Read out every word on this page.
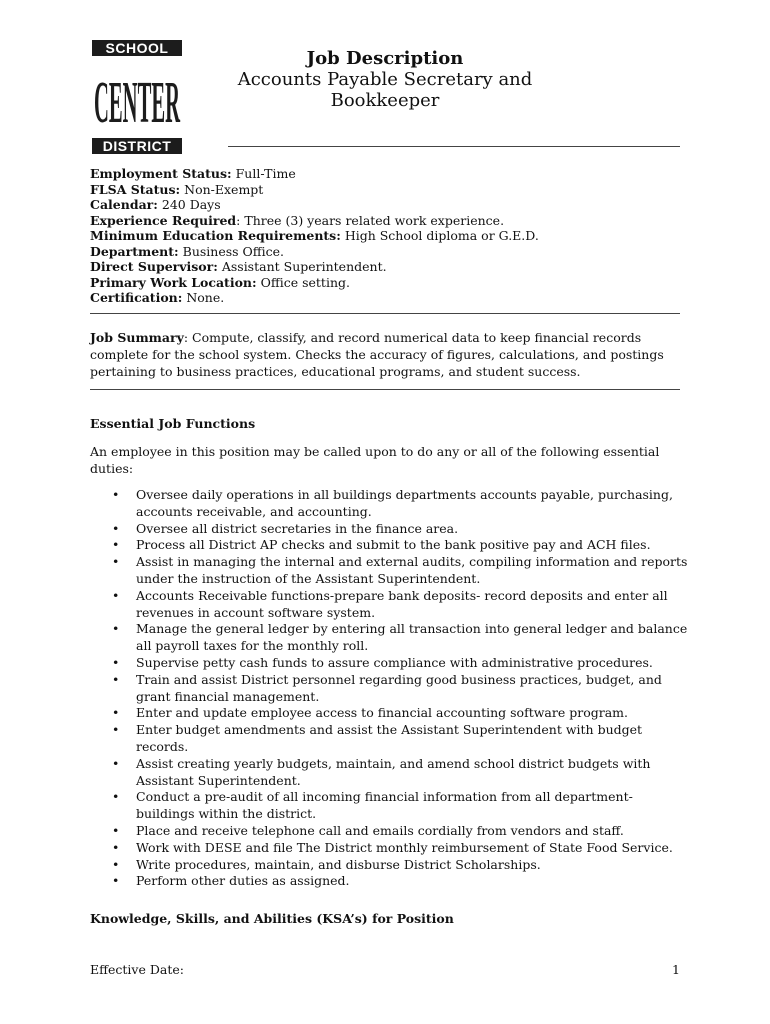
SCHOOL
CENTER
DISTRICT
Job Description
Accounts Payable Secretary and
Bookkeeper
Employment Status: Full-Time
FLSA Status: Non-Exempt
Calendar: 240 Days
Experience Required: Three (3) years related work experience.
Minimum Education Requirements: High School diploma or G.E.D.
Department: Business Office.
Direct Supervisor: Assistant Superintendent.
Primary Work Location: Office setting.
Certification: None.
Job Summary: Compute, classify, and record numerical data to keep financial records complete for the school system. Checks the accuracy of figures, calculations, and postings pertaining to business practices, educational programs, and student success.
Essential Job Functions
An employee in this position may be called upon to do any or all of the following essential duties:
• Oversee daily operations in all buildings departments accounts payable, purchasing, accounts receivable, and accounting.
• Oversee all district secretaries in the finance area.
• Process all District AP checks and submit to the bank positive pay and ACH files.
• Assist in managing the internal and external audits, compiling information and reports under the instruction of the Assistant Superintendent.
• Accounts Receivable functions-prepare bank deposits- record deposits and enter all revenues in account software system.
• Manage the general ledger by entering all transaction into general ledger and balance all payroll taxes for the monthly roll.
• Supervise petty cash funds to assure compliance with administrative procedures.
• Train and assist District personnel regarding good business practices, budget, and grant financial management.
• Enter and update employee access to financial accounting software program.
• Enter budget amendments and assist the Assistant Superintendent with budget records.
• Assist creating yearly budgets, maintain, and amend school district budgets with Assistant Superintendent.
• Conduct a pre-audit of all incoming financial information from all department-buildings within the district.
• Place and receive telephone call and emails cordially from vendors and staff.
• Work with DESE and file The District monthly reimbursement of State Food Service.
• Write procedures, maintain, and disburse District Scholarships.
• Perform other duties as assigned.
Knowledge, Skills, and Abilities (KSA’s) for Position
Effective Date:	1
